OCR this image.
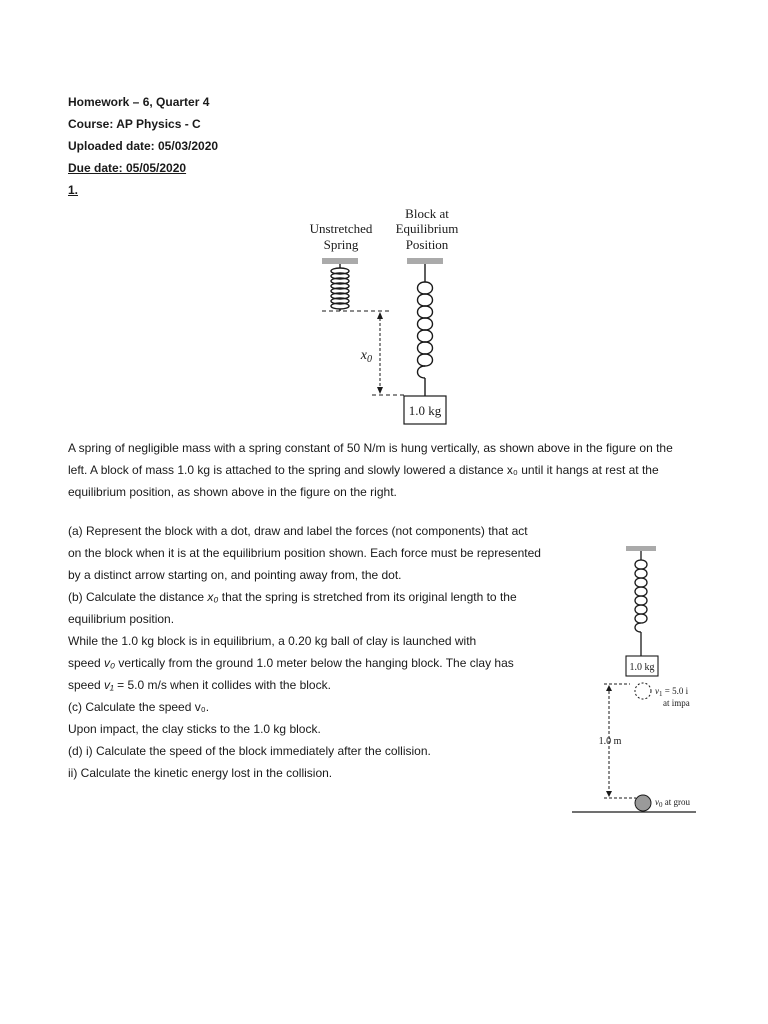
Homework – 6, Quarter 4
Course: AP Physics - C
Uploaded date: 05/03/2020
Due date: 05/05/2020
1.
Unstretched
Spring
Block at
Equilibrium
Position
$x_0$
1.0 kg
A spring of negligible mass with a spring constant of 50 N/m is hung vertically, as shown above in the figure on the
left. A block of mass 1.0 kg is attached to the spring and slowly lowered a distance x₀ until it hangs at rest at the
equilibrium position, as shown above in the figure on the right.
(a) Represent the block with a dot, draw and label the forces (not components) that act
on the block when it is at the equilibrium position shown. Each force must be represented
by a distinct arrow starting on, and pointing away from, the dot.
(b) Calculate the distance x₀ that the spring is stretched from its original length to the
equilibrium position.
While the 1.0 kg block is in equilibrium, a 0.20 kg ball of clay is launched with
speed v₀ vertically from the ground 1.0 meter below the hanging block. The clay has
speed v₁ = 5.0 m/s when it collides with the block.
(c) Calculate the speed v₀.
Upon impact, the clay sticks to the 1.0 kg block.
(d) i) Calculate the speed of the block immediately after the collision.
ii) Calculate the kinetic energy lost in the collision.
1.0 kg
$v_1 = 5.0$ i
at impa
1.0 m
$v_0$ at grou
